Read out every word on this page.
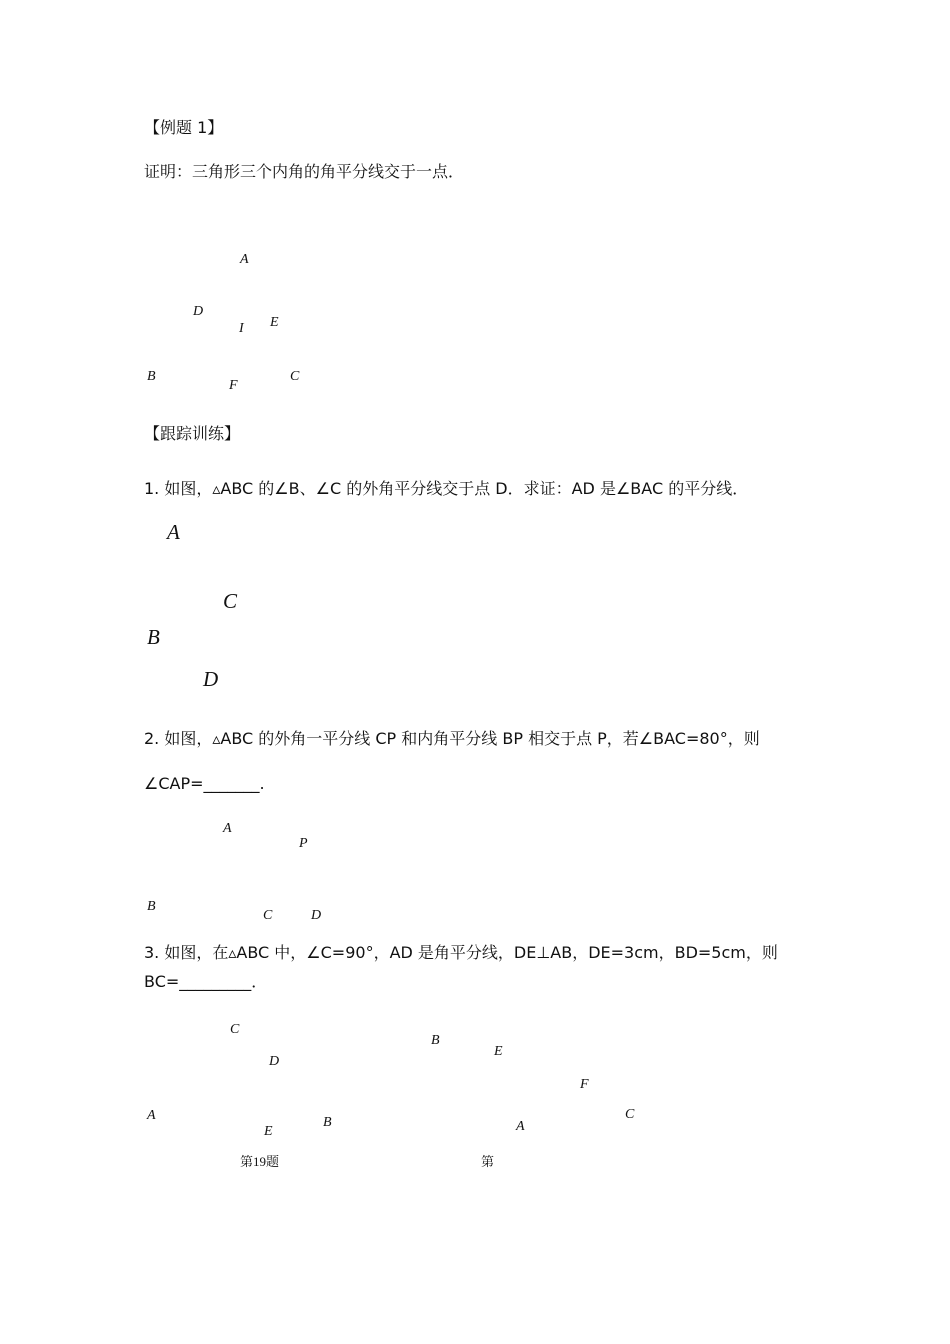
【例题 1】
证明：三角形三个内角的角平分线交于一点．
A
D
I E
B
F
C
【跟踪训练】
1. 如图，▵ABC 的∠B、∠C 的外角平分线交于点 D．求证：AD 是∠BAC 的平分线．
A
C
B
D
2. 如图，▵ABC 的外角一平分线 CP 和内角平分线 BP 相交于点 P，若∠BAC=80°，则
∠CAP=_______.
A
P
B
C	D
3. 如图，在▵ABC 中，∠C=90°，AD 是角平分线，DE⊥AB，DE=3cm，BD=5cm，则
BC=_________．
C
D
A
E
B
第19题
B
E
F
A
C
第
